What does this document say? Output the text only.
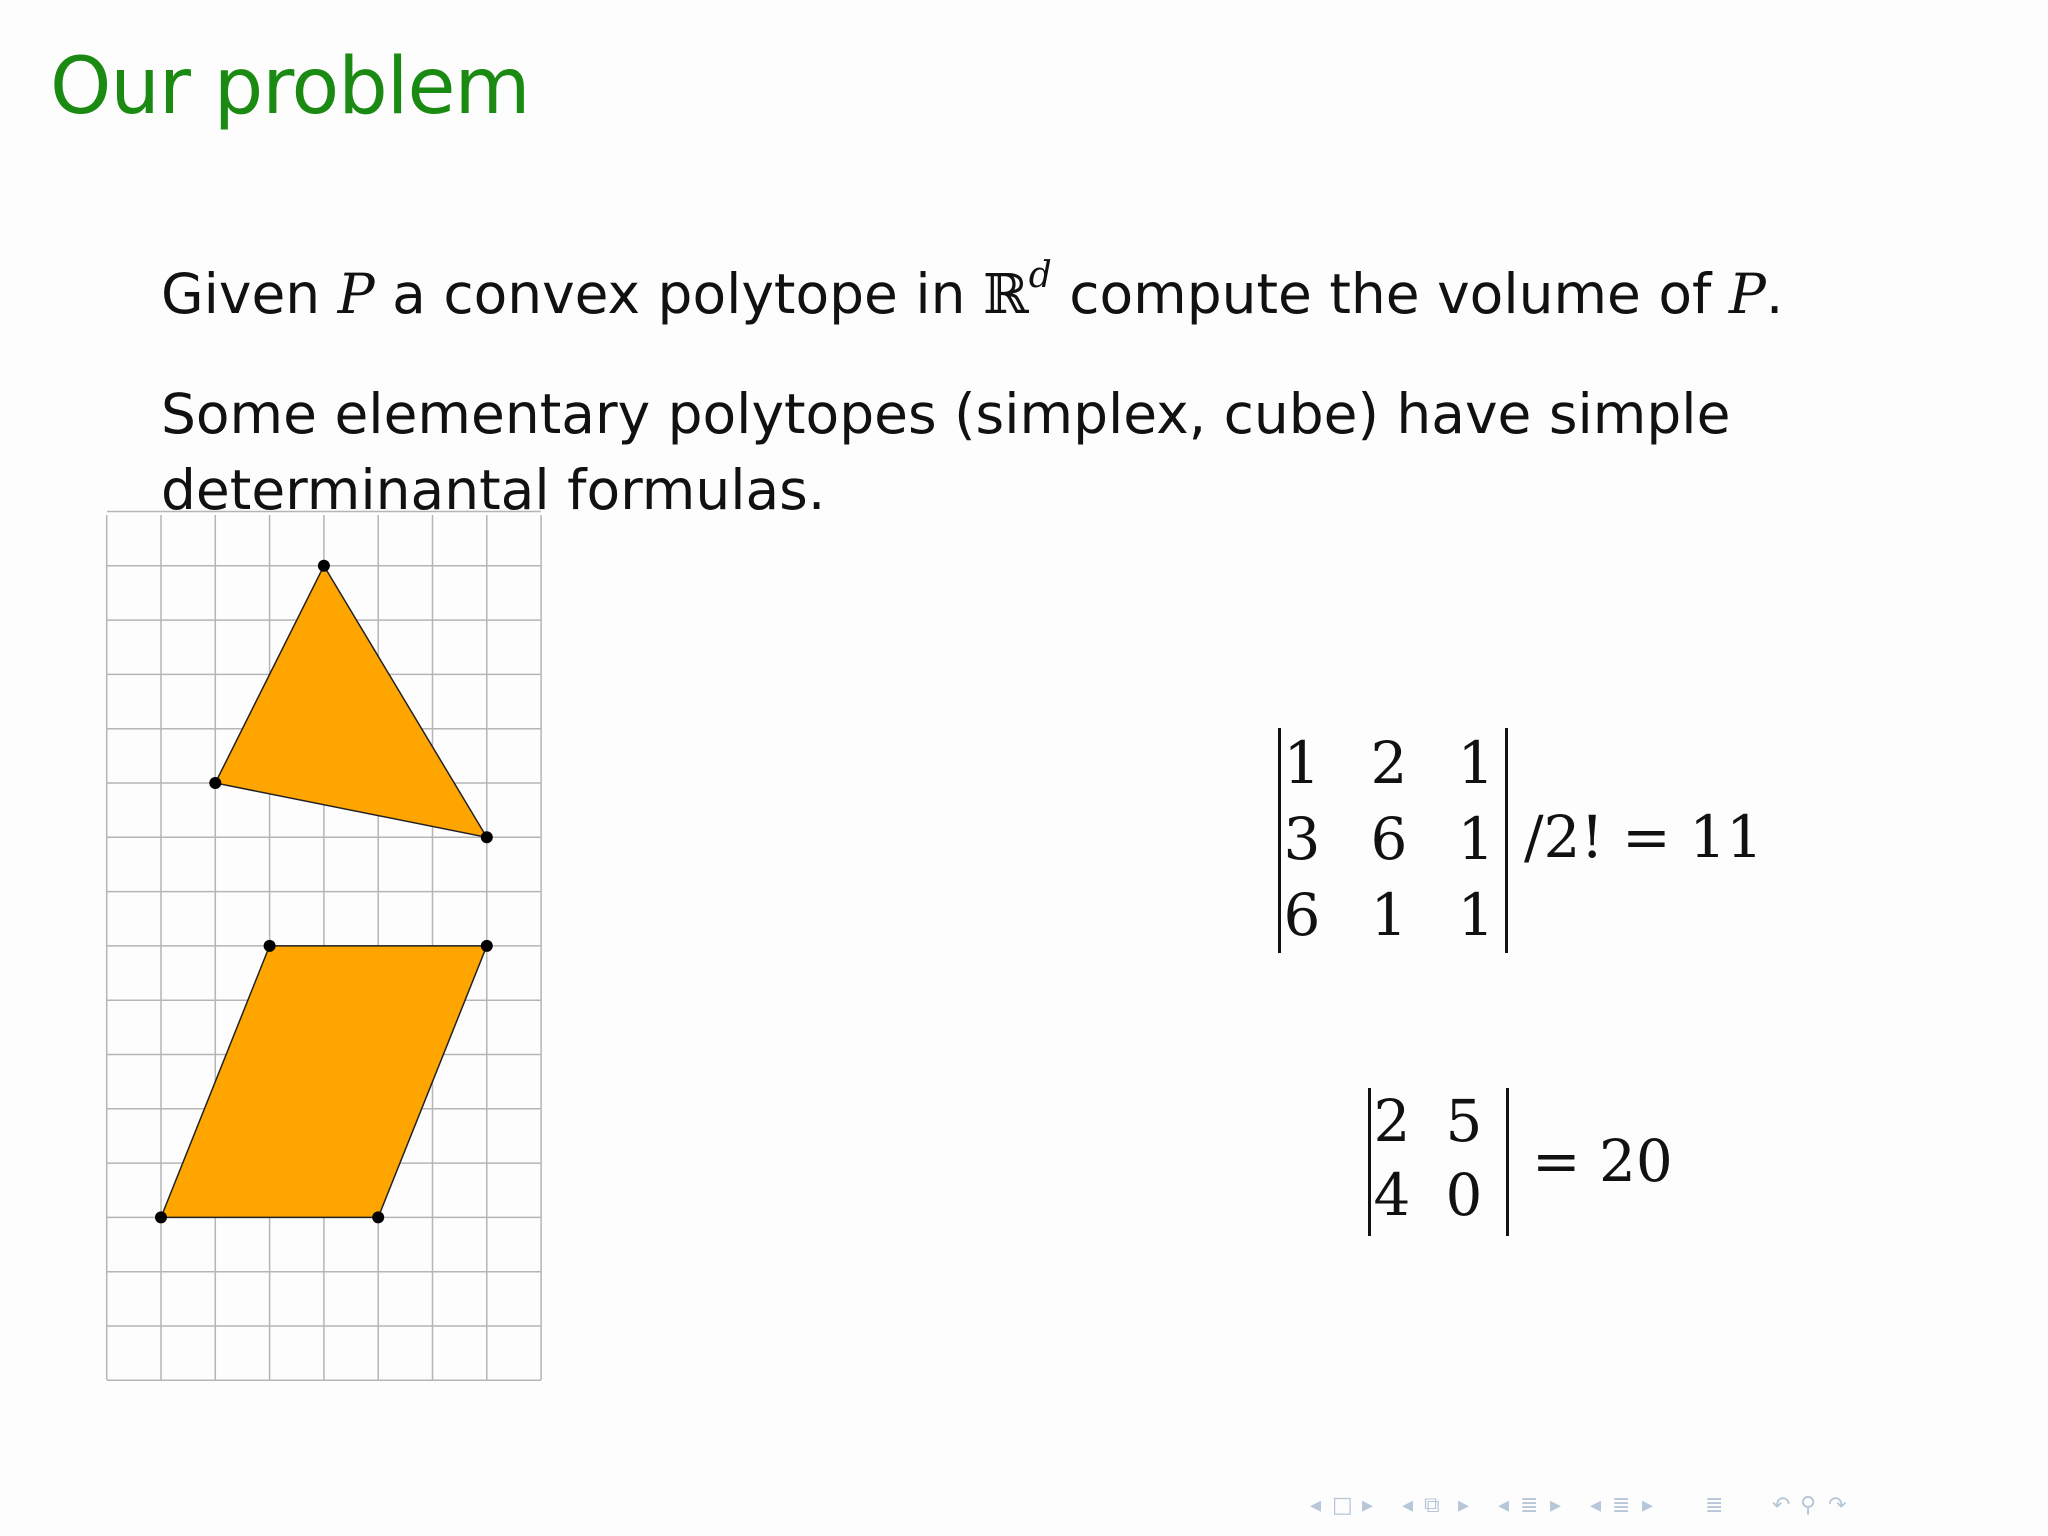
Our problem
Given P a convex polytope in ℝ$^d$ compute the volume of P.
Some elementary polytopes (simplex, cube) have simple
determinantal formulas.
1 2 1
3 6 1
6 1 1
/2! = 11
2 5
4 0 = 20
◂ □ ▸ ◂ ⧉ ▸ ◂ ≣ ▸ ◂ ≣ ▸ ≣ ↶ ⚲ ↷
